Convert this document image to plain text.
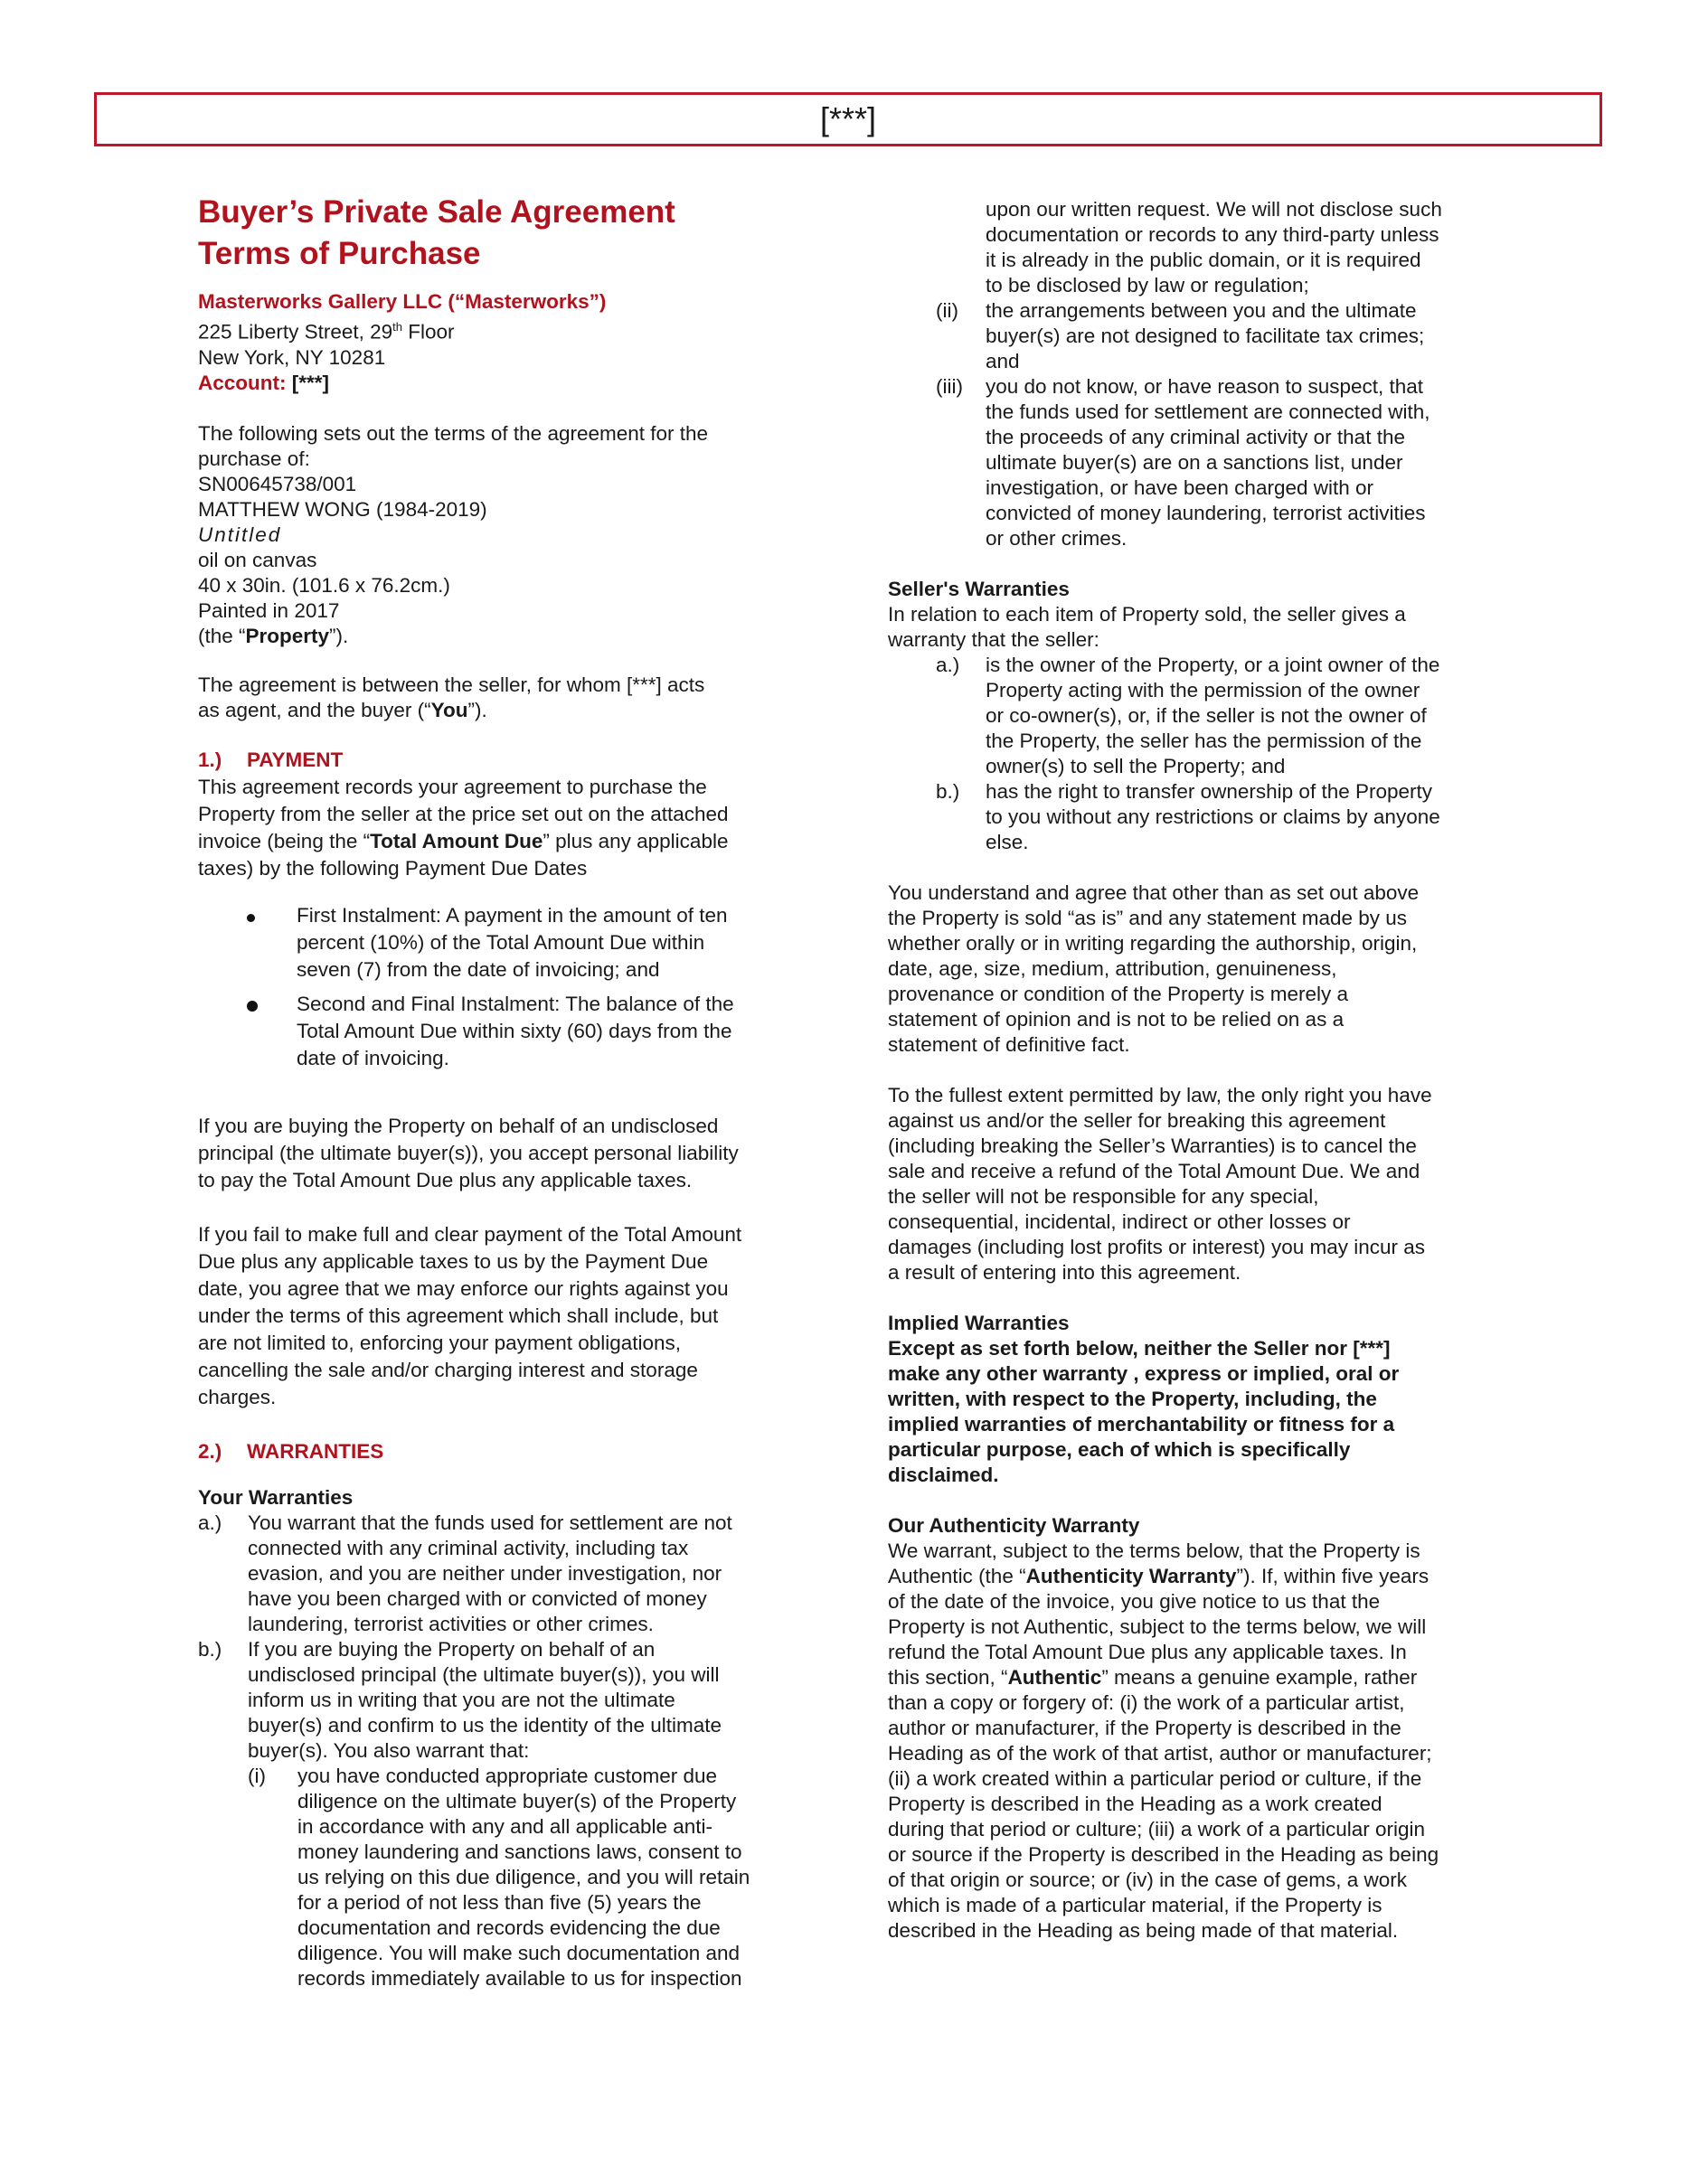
[***]
Buyer’s Private Sale Agreement
Terms of Purchase

Masterworks Gallery LLC (“Masterworks”)

225 Liberty Street, 29th Floor

New York, NY 10281

Account: [***]

The following sets out the terms of the agreement for the

purchase of:

SN00645738/001

MATTHEW WONG (1984-2019)

Untitled

oil on canvas

40 x 30in. (101.6 x 76.2cm.)

Painted in 2017

(the “Property”).

The agreement is between the seller, for whom [***] acts

as agent, and the buyer (“You”).

1.) PAYMENT

This agreement records your agreement to purchase the

Property from the seller at the price set out on the attached

invoice (being the “Total Amount Due” plus any applicable

taxes) by the following Payment Due Dates

First Instalment: A payment in the amount of ten

percent (10%) of the Total Amount Due within

seven (7) from the date of invoicing; and

Second and Final Instalment: The balance of the

Total Amount Due within sixty (60) days from the

date of invoicing.

If you are buying the Property on behalf of an undisclosed

principal (the ultimate buyer(s)), you accept personal liability

to pay the Total Amount Due plus any applicable taxes.

If you fail to make full and clear payment of the Total Amount

Due plus any applicable taxes to us by the Payment Due

date, you agree that we may enforce our rights against you

under the terms of this agreement which shall include, but

are not limited to, enforcing your payment obligations,

cancelling the sale and/or charging interest and storage

charges.

2.) WARRANTIES

Your Warranties

a.)	You warrant that the funds used for settlement are not

connected with any criminal activity, including tax

evasion, and you are neither under investigation, nor

have you been charged with or convicted of money

laundering, terrorist activities or other crimes.

b.)	If you are buying the Property on behalf of an

undisclosed principal (the ultimate buyer(s)), you will

inform us in writing that you are not the ultimate

buyer(s) and confirm to us the identity of the ultimate

buyer(s). You also warrant that:

(i)	you have conducted appropriate customer due

diligence on the ultimate buyer(s) of the Property

in accordance with any and all applicable anti-

money laundering and sanctions laws, consent to

us relying on this due diligence, and you will retain

for a period of not less than five (5) years the

documentation and records evidencing the due

diligence. You will make such documentation and

records immediately available to us for inspection

upon our written request. We will not disclose such

documentation or records to any third-party unless

it is already in the public domain, or it is required

to be disclosed by law or regulation;

(ii)	the arrangements between you and the ultimate

buyer(s) are not designed to facilitate tax crimes;

and

(iii)	you do not know, or have reason to suspect, that

the funds used for settlement are connected with,

the proceeds of any criminal activity or that the

ultimate buyer(s) are on a sanctions list, under

investigation, or have been charged with or

convicted of money laundering, terrorist activities

or other crimes.

Seller's Warranties

In relation to each item of Property sold, the seller gives a

warranty that the seller:

a.)	is the owner of the Property, or a joint owner of the

Property acting with the permission of the owner

or co-owner(s), or, if the seller is not the owner of

the Property, the seller has the permission of the

owner(s) to sell the Property; and

b.)	has the right to transfer ownership of the Property

to you without any restrictions or claims by anyone

else.

You understand and agree that other than as set out above

the Property is sold “as is” and any statement made by us

whether orally or in writing regarding the authorship, origin,

date, age, size, medium, attribution, genuineness,

provenance or condition of the Property is merely a

statement of opinion and is not to be relied on as a

statement of definitive fact.

To the fullest extent permitted by law, the only right you have

against us and/or the seller for breaking this agreement

(including breaking the Seller’s Warranties) is to cancel the

sale and receive a refund of the Total Amount Due. We and

the seller will not be responsible for any special,

consequential, incidental, indirect or other losses or

damages (including lost profits or interest) you may incur as

a result of entering into this agreement.

Implied Warranties

Except as set forth below, neither the Seller nor [***]

make any other warranty , express or implied, oral or

written, with respect to the Property, including, the

implied warranties of merchantability or fitness for a

particular purpose, each of which is specifically

disclaimed.

Our Authenticity Warranty

We warrant, subject to the terms below, that the Property is

Authentic (the “Authenticity Warranty”). If, within five years

of the date of the invoice, you give notice to us that the

Property is not Authentic, subject to the terms below, we will

refund the Total Amount Due plus any applicable taxes. In

this section, “Authentic” means a genuine example, rather

than a copy or forgery of: (i) the work of a particular artist,

author or manufacturer, if the Property is described in the

Heading as of the work of that artist, author or manufacturer;

(ii) a work created within a particular period or culture, if the

Property is described in the Heading as a work created

during that period or culture; (iii) a work of a particular origin

or source if the Property is described in the Heading as being

of that origin or source; or (iv) in the case of gems, a work

which is made of a particular material, if the Property is

described in the Heading as being made of that material.
